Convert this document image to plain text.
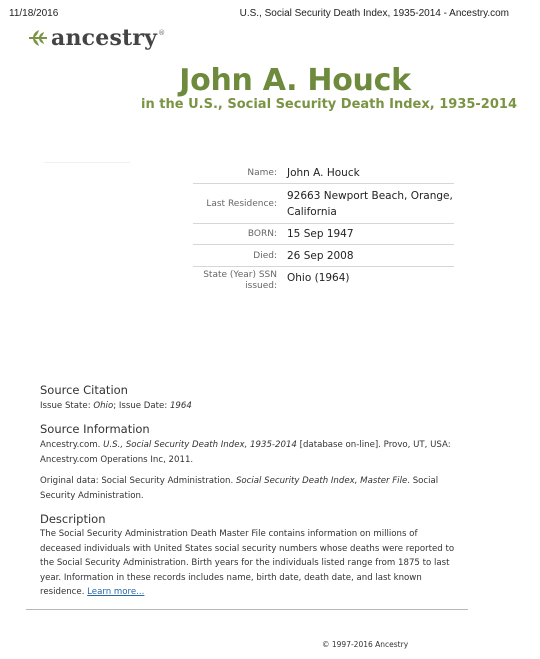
11/18/2016	U.S., Social Security Death Index, 1935-2014 - Ancestry.com
ancestry ®
John A. Houck
in the U.S., Social Security Death Index, 1935-2014
Name: John A. Houck
Last Residence:
92663 Newport Beach, Orange, California
BORN: 15 Sep 1947
Died: 26 Sep 2008
State (Year) SSN issued:
Ohio (1964)
Source Citation
Issue State: Ohio; Issue Date: 1964
Source Information
Ancestry.com. U.S., Social Security Death Index, 1935-2014 [database on-line]. Provo, UT, USA: Ancestry.com Operations Inc, 2011.
Original data: Social Security Administration. Social Security Death Index, Master File. Social Security Administration.
Description
The Social Security Administration Death Master File contains information on millions of deceased individuals with United States social security numbers whose deaths were reported to the Social Security Administration. Birth years for the individuals listed range from 1875 to last year. Information in these records includes name, birth date, death date, and last known residence. Learn more...
© 1997-2016 Ancestry
